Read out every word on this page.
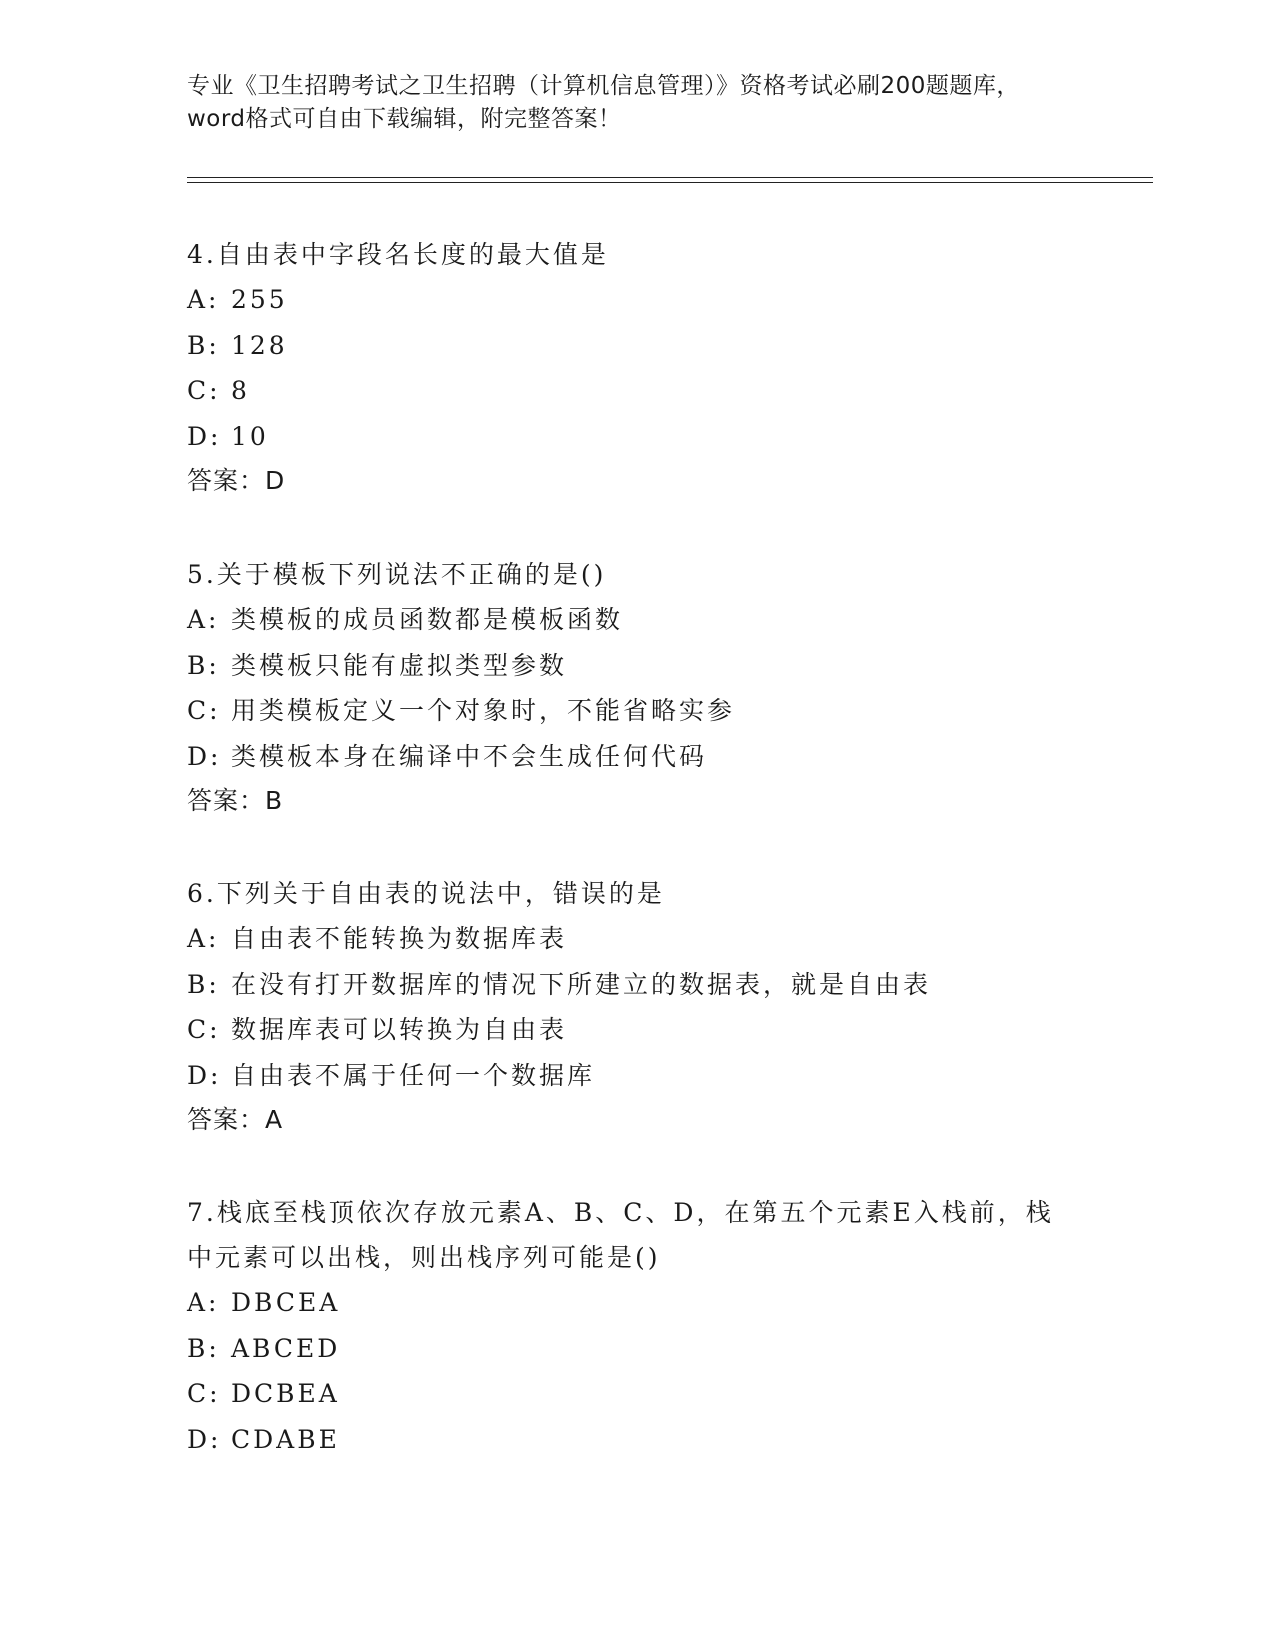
专业《卫生招聘考试之卫生招聘（计算机信息管理）》资格考试必刷200题题库，
word格式可自由下载编辑，附完整答案！
4.自由表中字段名长度的最大值是
A: 255
B: 128
C: 8
D: 10
答案：D
5.关于模板下列说法不正确的是()
A: 类模板的成员函数都是模板函数
B: 类模板只能有虚拟类型参数
C: 用类模板定义一个对象时，不能省略实参
D: 类模板本身在编译中不会生成任何代码
答案：B
6.下列关于自由表的说法中，错误的是
A: 自由表不能转换为数据库表
B: 在没有打开数据库的情况下所建立的数据表，就是自由表
C: 数据库表可以转换为自由表
D: 自由表不属于任何一个数据库
答案：A
7.栈底至栈顶依次存放元素A、B、C、D，在第五个元素E入栈前，栈
中元素可以出栈，则出栈序列可能是()
A: DBCEA
B: ABCED
C: DCBEA
D: CDABE
